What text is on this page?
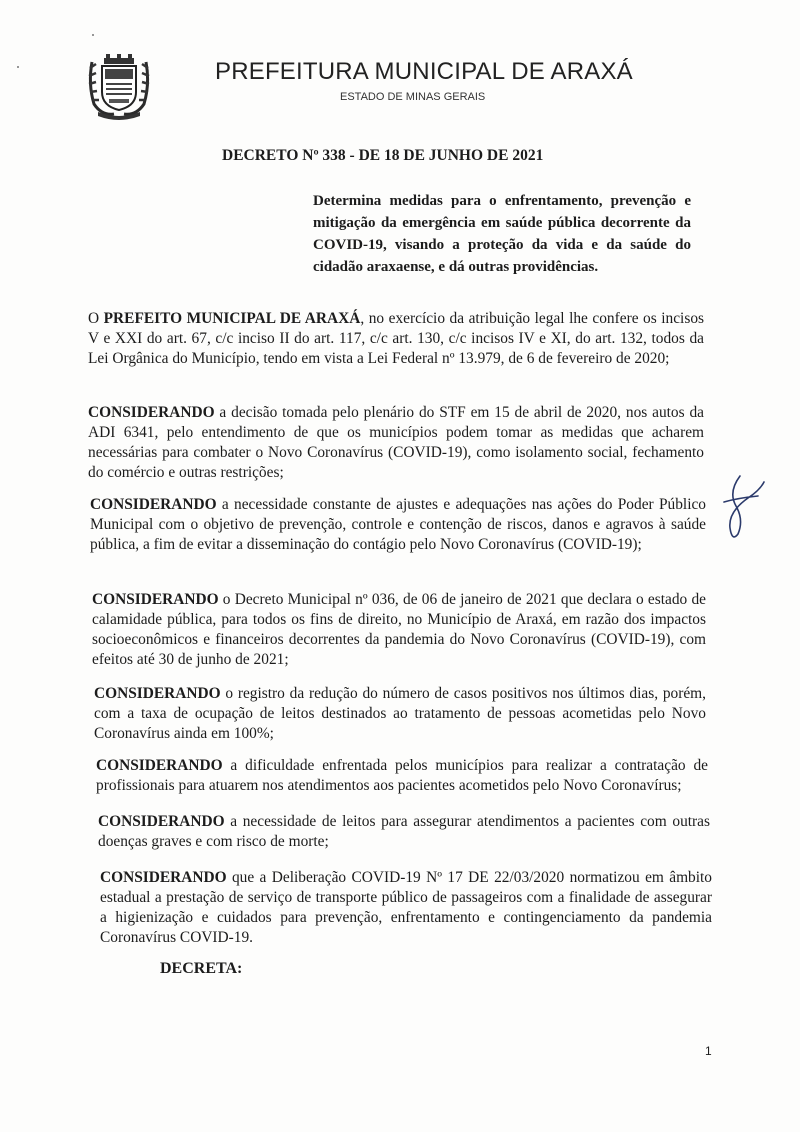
PREFEITURA MUNICIPAL DE ARAXÁ
ESTADO DE MINAS GERAIS
DECRETO Nº 338 - DE 18 DE JUNHO DE 2021
Determina medidas para o enfrentamento, prevenção e mitigação da emergência em saúde pública decorrente da COVID-19, visando a proteção da vida e da saúde do cidadão araxaense, e dá outras providências.
O PREFEITO MUNICIPAL DE ARAXÁ, no exercício da atribuição legal lhe confere os incisos V e XXI do art. 67, c/c inciso II do art. 117, c/c art. 130, c/c incisos IV e XI, do art. 132, todos da Lei Orgânica do Município, tendo em vista a Lei Federal nº 13.979, de 6 de fevereiro de 2020;
CONSIDERANDO a decisão tomada pelo plenário do STF em 15 de abril de 2020, nos autos da ADI 6341, pelo entendimento de que os municípios podem tomar as medidas que acharem necessárias para combater o Novo Coronavírus (COVID-19), como isolamento social, fechamento do comércio e outras restrições;
CONSIDERANDO a necessidade constante de ajustes e adequações nas ações do Poder Público Municipal com o objetivo de prevenção, controle e contenção de riscos, danos e agravos à saúde pública, a fim de evitar a disseminação do contágio pelo Novo Coronavírus (COVID-19);
CONSIDERANDO o Decreto Municipal nº 036, de 06 de janeiro de 2021 que declara o estado de calamidade pública, para todos os fins de direito, no Município de Araxá, em razão dos impactos socioeconômicos e financeiros decorrentes da pandemia do Novo Coronavírus (COVID-19), com efeitos até 30 de junho de 2021;
CONSIDERANDO o registro da redução do número de casos positivos nos últimos dias, porém, com a taxa de ocupação de leitos destinados ao tratamento de pessoas acometidas pelo Novo Coronavírus ainda em 100%;
CONSIDERANDO a dificuldade enfrentada pelos municípios para realizar a contratação de profissionais para atuarem nos atendimentos aos pacientes acometidos pelo Novo Coronavírus;
CONSIDERANDO a necessidade de leitos para assegurar atendimentos a pacientes com outras doenças graves e com risco de morte;
CONSIDERANDO que a Deliberação COVID-19 Nº 17 DE 22/03/2020 normatizou em âmbito estadual a prestação de serviço de transporte público de passageiros com a finalidade de assegurar a higienização e cuidados para prevenção, enfrentamento e contingenciamento da pandemia Coronavírus COVID-19.
DECRETA:
1
